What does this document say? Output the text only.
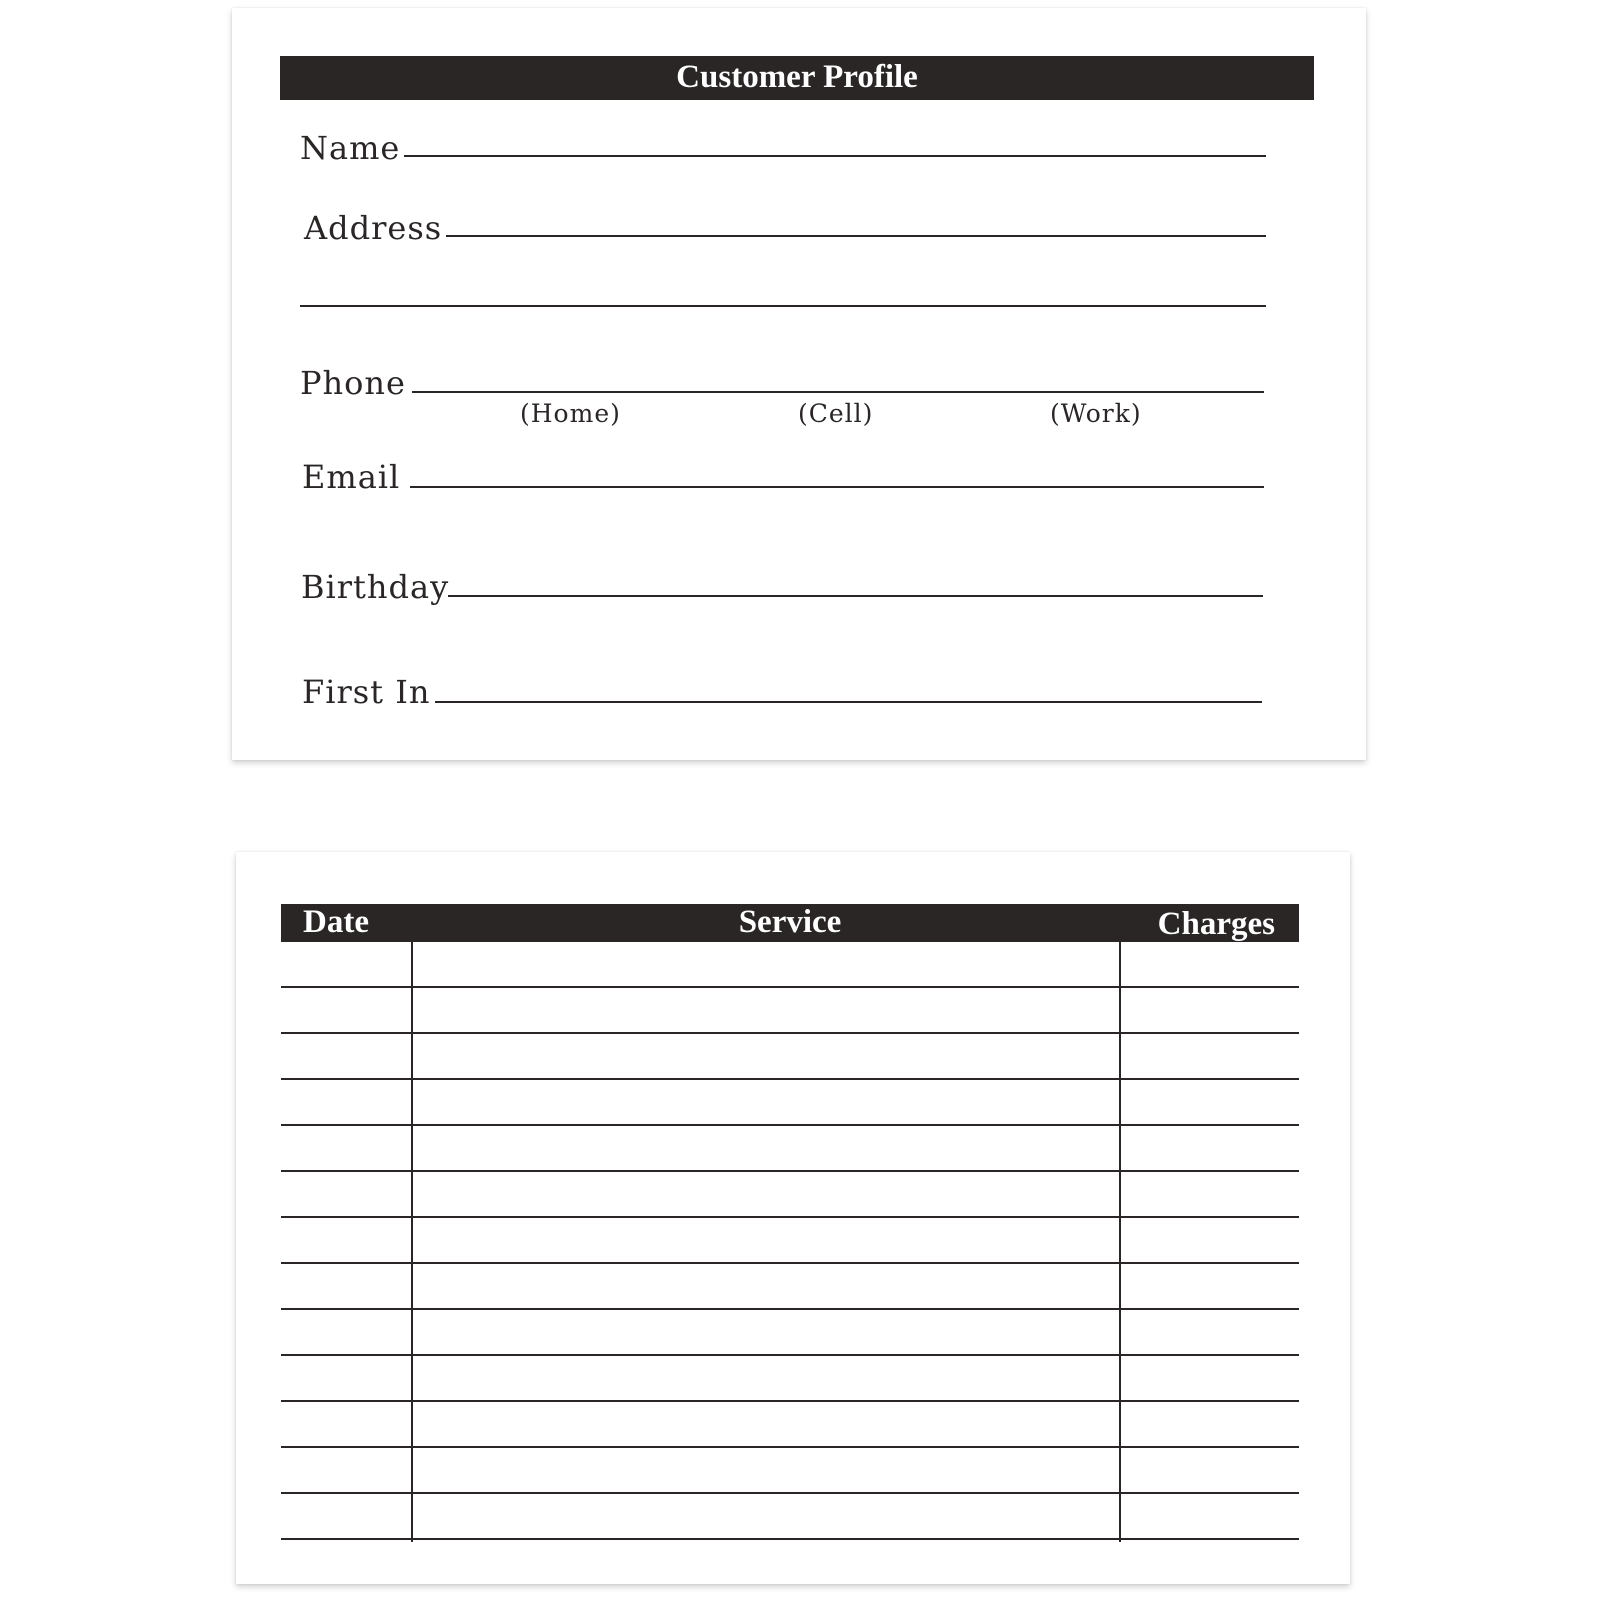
Customer Profile
Name
Address
Phone
(Home)	(Cell)	(Work)
Email
Birthday
First In
Date	Service	Charges
